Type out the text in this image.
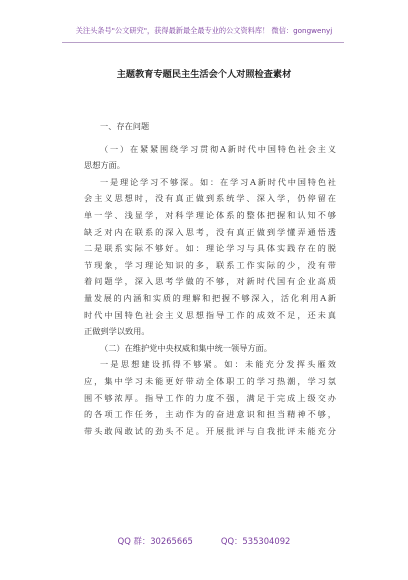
关注头条号"公文研究"，获得最新最全最专业的公文资料库！ 微信：gongwenyj
主题教育专题民主生活会个人对照检查素材
一、存在问题
（一）在紧紧围绕学习贯彻A新时代中国特色社会主义
思想方面。
一是理论学习不够深。如：在学习A新时代中国特色社
会主义思想时，没有真正做到系统学、深入学，仍停留在
单一学、浅显学，对科学理论体系的整体把握和认知不够
缺乏对内在联系的深入思考，没有真正做到学懂弄通悟透
二是联系实际不够好。如：理论学习与具体实践存在的脱
节现象，学习理论知识的多，联系工作实际的少，没有带
着问题学，深入思考学做的不够，对新时代国有企业高质
量发展的内涵和实质的理解和把握不够深入，活化利用A新
时代中国特色社会主义思想指导工作的成效不足，还未真
正做到学以致用。
（二）在维护党中央权威和集中统一领导方面。
一是思想建设抓得不够紧。如：未能充分发挥头雁效
应，集中学习未能更好带动全体职工的学习热潮，学习氛
围不够浓厚。指导工作的力度不强，满足于完成上级交办
的各项工作任务，主动作为的奋进意识和担当精神不够，
带头敢闯敢试的劲头不足。开展批评与自我批评未能充分
QQ 群：30265665	QQ：535304092
